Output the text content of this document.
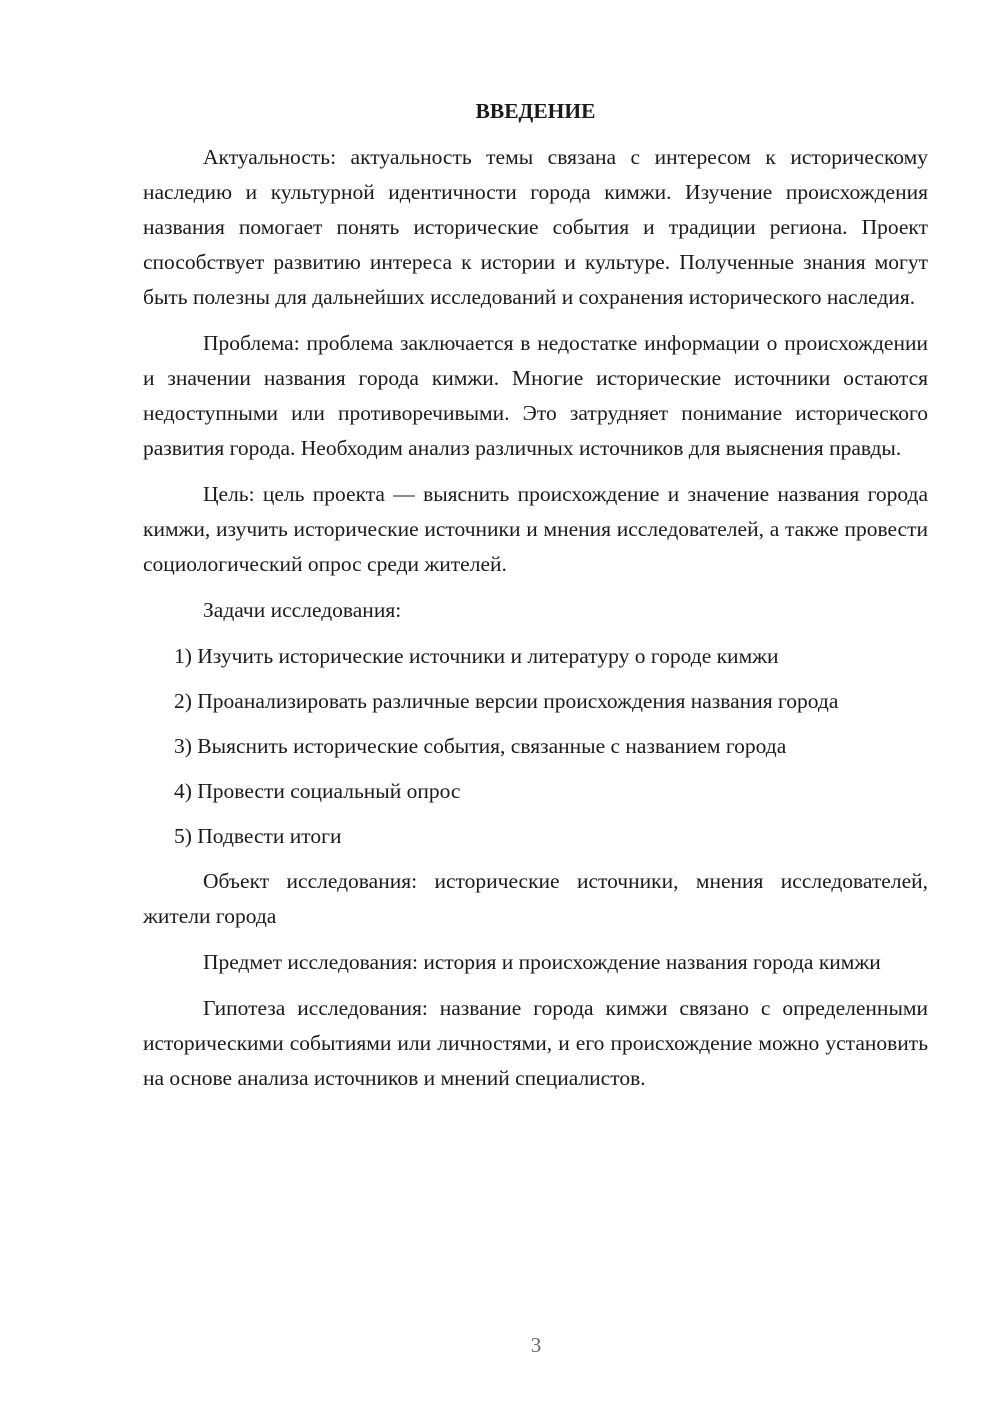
ВВЕДЕНИЕ

Актуальность: актуальность темы связана с интересом к историческому наследию и культурной идентичности города кимжи. Изучение происхождения названия помогает понять исторические события и традиции региона. Проект способствует развитию интереса к истории и культуре. Полученные знания могут быть полезны для дальнейших исследований и сохранения исторического наследия.

Проблема: проблема заключается в недостатке информации о происхождении и значении названия города кимжи. Многие исторические источники остаются недоступными или противоречивыми. Это затрудняет понимание исторического развития города. Необходим анализ различных источников для выяснения правды.

Цель: цель проекта — выяснить происхождение и значение названия города кимжи, изучить исторические источники и мнения исследователей, а также провести социологический опрос среди жителей.

Задачи исследования:

1) Изучить исторические источники и литературу о городе кимжи

2) Проанализировать различные версии происхождения названия города

3) Выяснить исторические события, связанные с названием города

4) Провести социальный опрос

5) Подвести итоги

Объект исследования: исторические источники, мнения исследователей, жители города

Предмет исследования: история и происхождение названия города кимжи

Гипотеза исследования: название города кимжи связано с определенными историческими событиями или личностями, и его происхождение можно установить на основе анализа источников и мнений специалистов.

3
